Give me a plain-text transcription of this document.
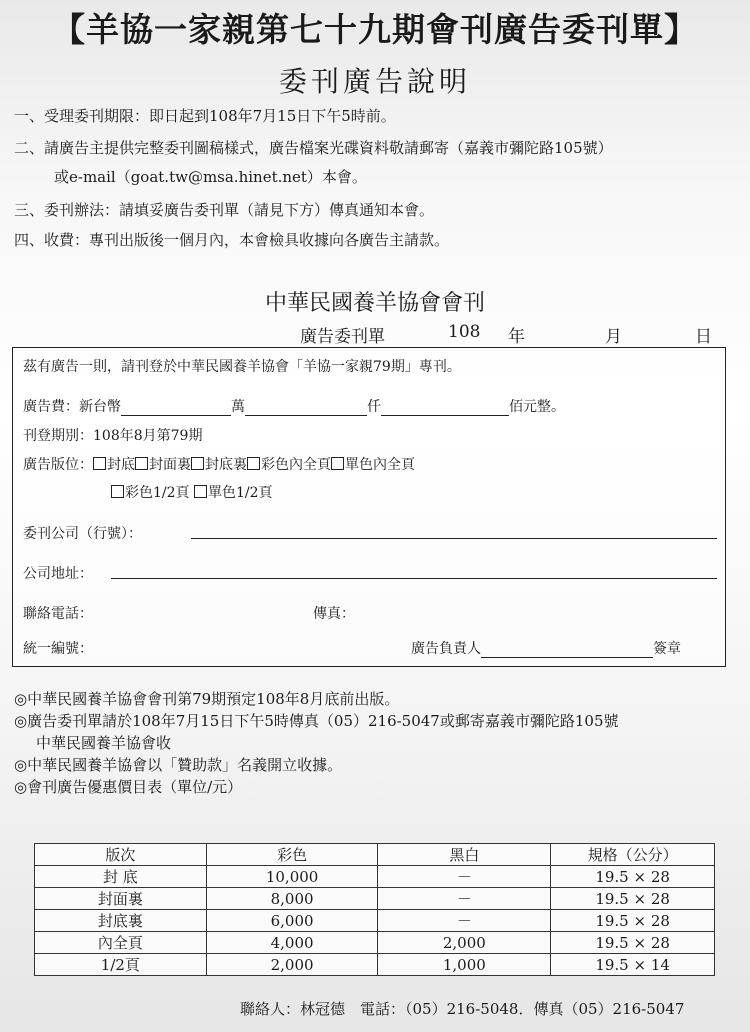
【羊協一家親第七十九期會刊廣告委刊單】
委刊廣告說明
一、受理委刊期限：即日起到108年7月15日下午5時前。
二、請廣告主提供完整委刊圖稿樣式，廣告檔案光碟資料敬請郵寄（嘉義市彌陀路105號）
或e-mail（goat.tw@msa.hinet.net）本會。
三、委刊辦法：請填妥廣告委刊單（請見下方）傳真通知本會。
四、收費：專刊出版後一個月內，本會檢具收據向各廣告主請款。
中華民國養羊協會會刊
廣告委刊單	108 年	月	日
茲有廣告一則，請刊登於中華民國養羊協會「羊協一家親79期」專刊。
廣告費：新台幣	萬	仟	佰元整。
刊登期別：108年8月第79期
廣告版位： 封底 封面裏 封底裏 彩色內全頁 單色內全頁
彩色1/2頁 單色1/2頁
委刊公司（行號）：
公司地址：
聯絡電話：	傳真：
統一編號：	廣告負責人	簽章
◎中華民國養羊協會會刊第79期預定108年8月底前出版。
◎廣告委刊單請於108年7月15日下午5時傳真（05）216-5047或郵寄嘉義市彌陀路105號
中華民國養羊協會收
◎中華民國養羊協會以「贊助款」名義開立收據。
◎會刊廣告優惠價目表（單位/元）
版次	彩色	黑白	規格（公分）
封 底	10,000	－	19.5 × 28
封面裏	8,000	－	19.5 × 28
封底裏	6,000	－	19.5 × 28
內全頁	4,000	2,000	19.5 × 28
1/2頁	2,000	1,000	19.5 × 14
聯絡人：林冠德　電話：（05）216-5048．傳真（05）216-5047
